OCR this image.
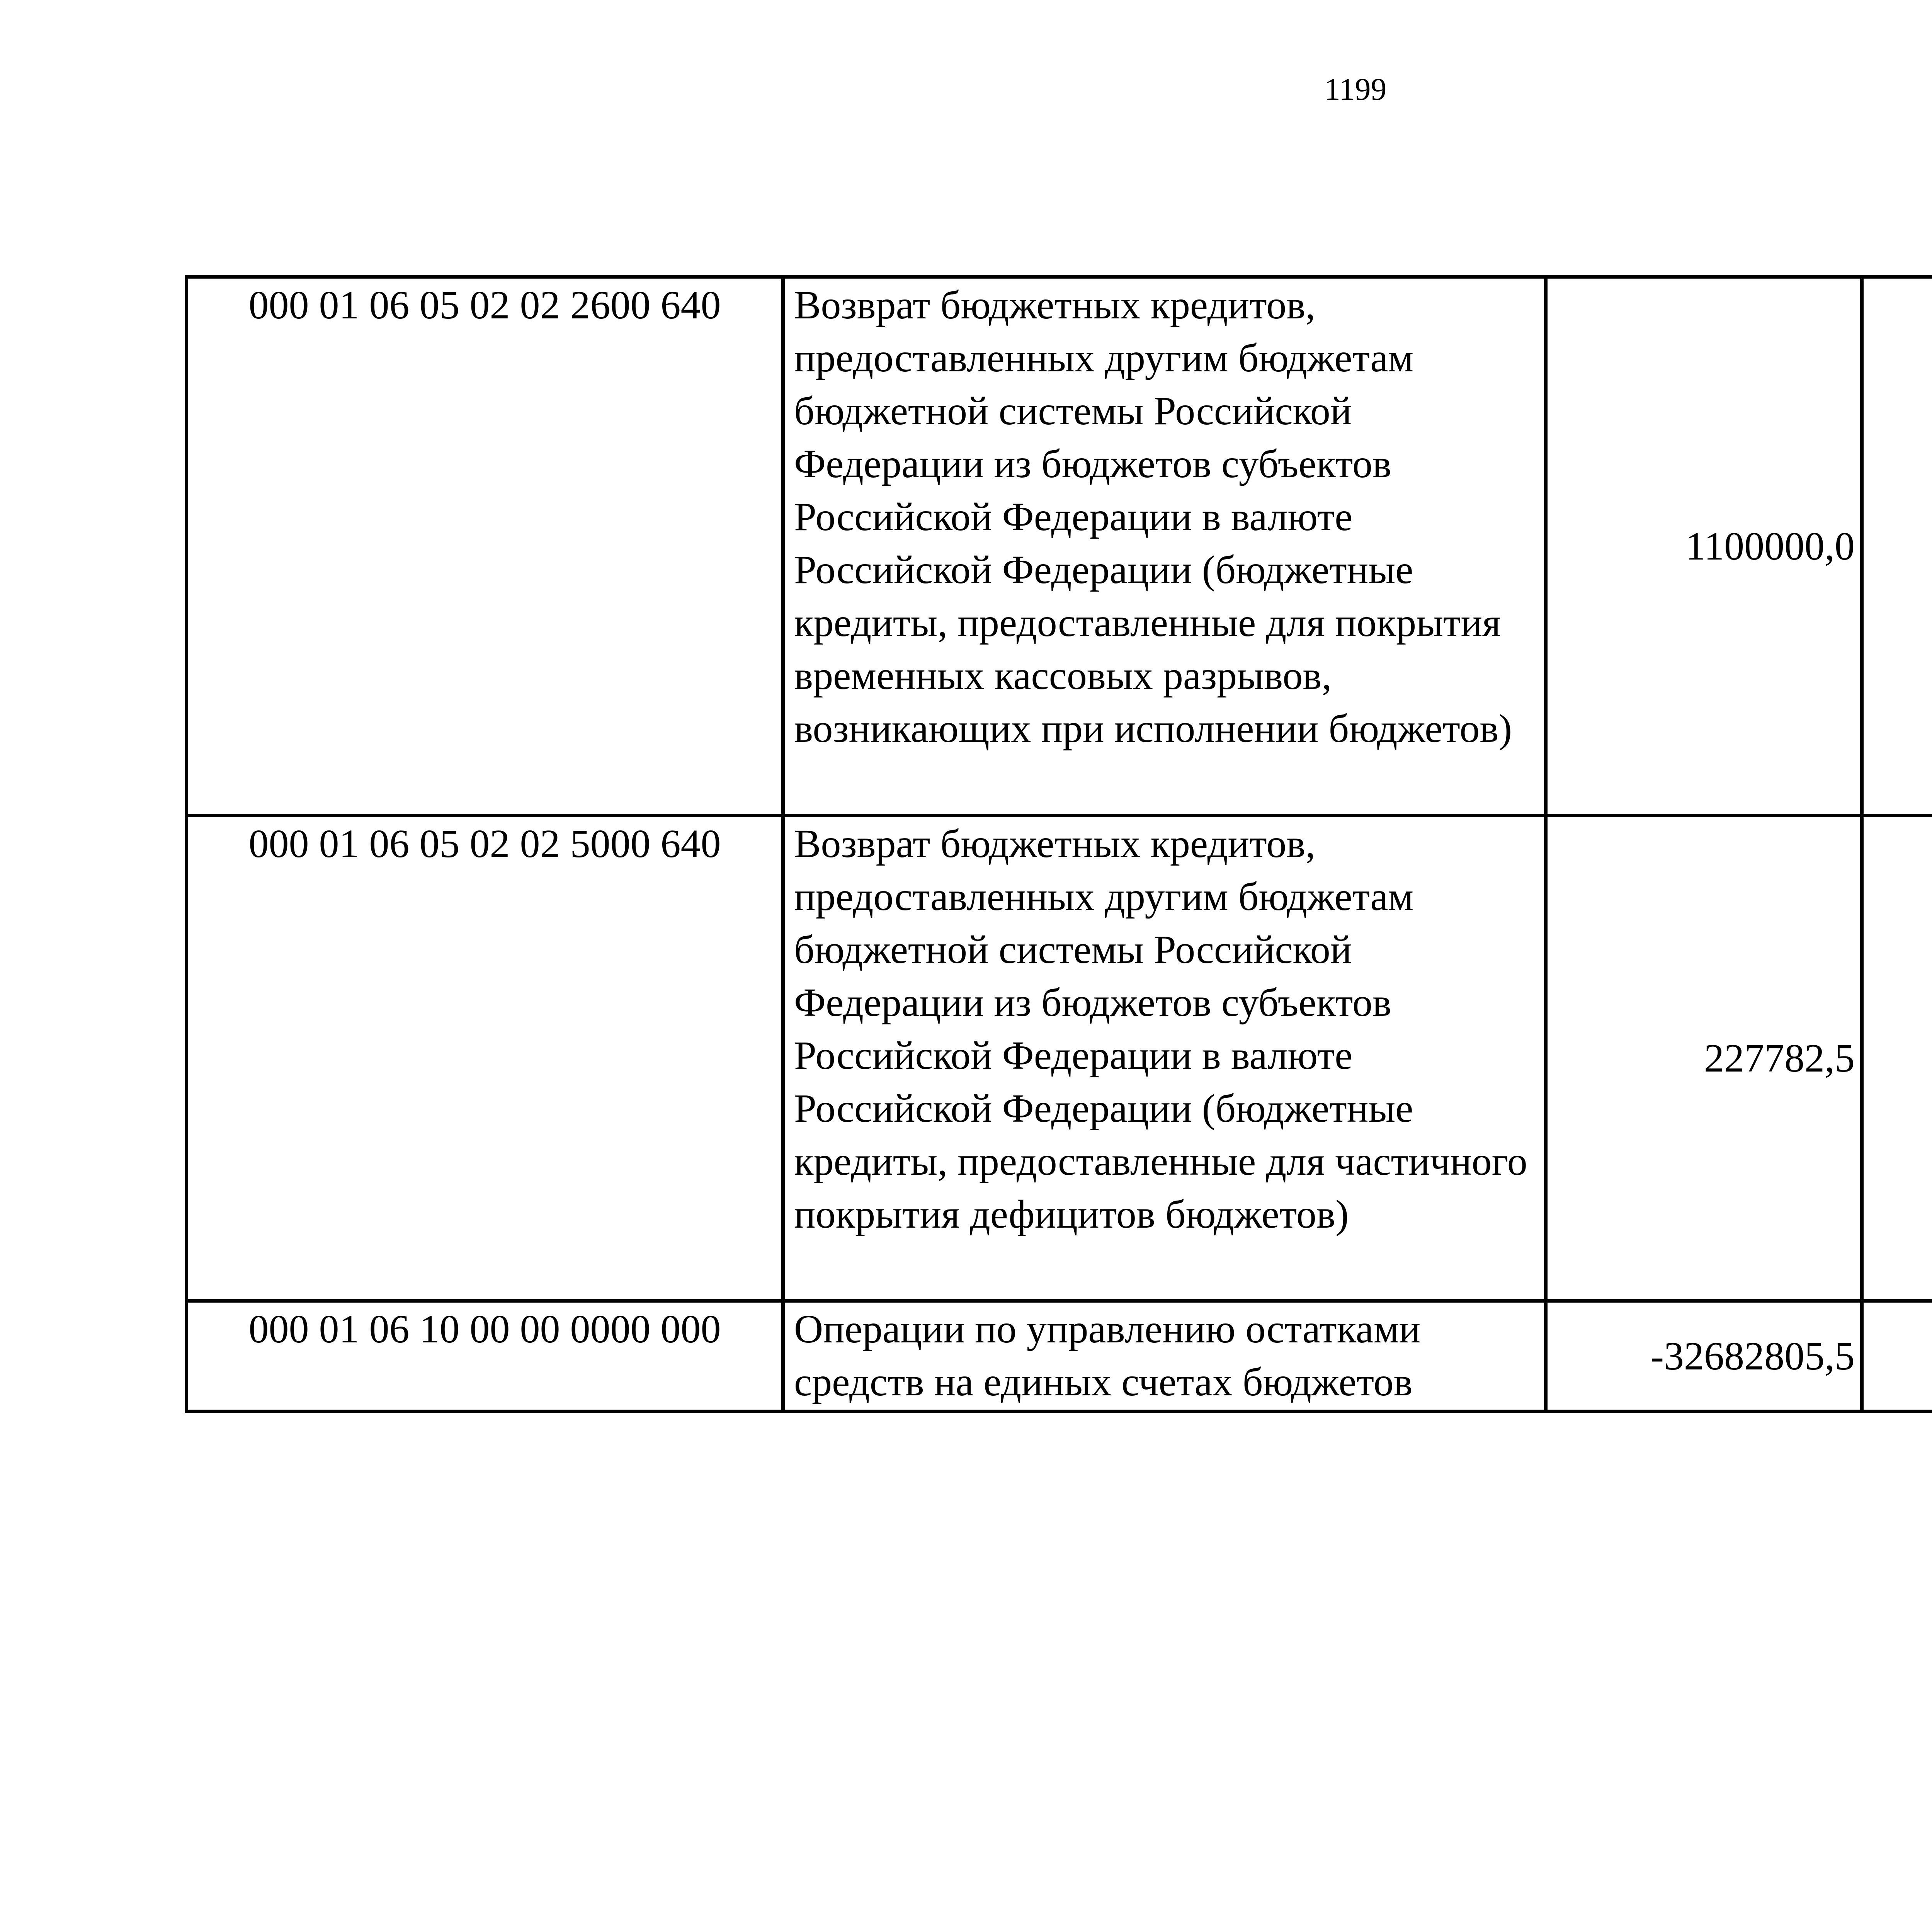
1199
000 01 06 05 02 02 2600 640	Возврат бюджетных кредитов, предоставленных другим бюджетам бюджетной системы Российской Федерации из бюджетов субъектов Российской Федерации в валюте Российской Федерации (бюджетные кредиты, предоставленные для покрытия временных кассовых разрывов, возникающих при исполнении бюджетов)	1100000,0		
000 01 06 05 02 02 5000 640	Возврат бюджетных кредитов, предоставленных другим бюджетам бюджетной системы Российской Федерации из бюджетов субъектов Российской Федерации в валюте Российской Федерации (бюджетные кредиты, предоставленные для частичного покрытия дефицитов бюджетов)	227782,5		
000 01 06 10 00 00 0000 000	Операции по управлению остатками средств на единых счетах бюджетов	-32682805,5		
